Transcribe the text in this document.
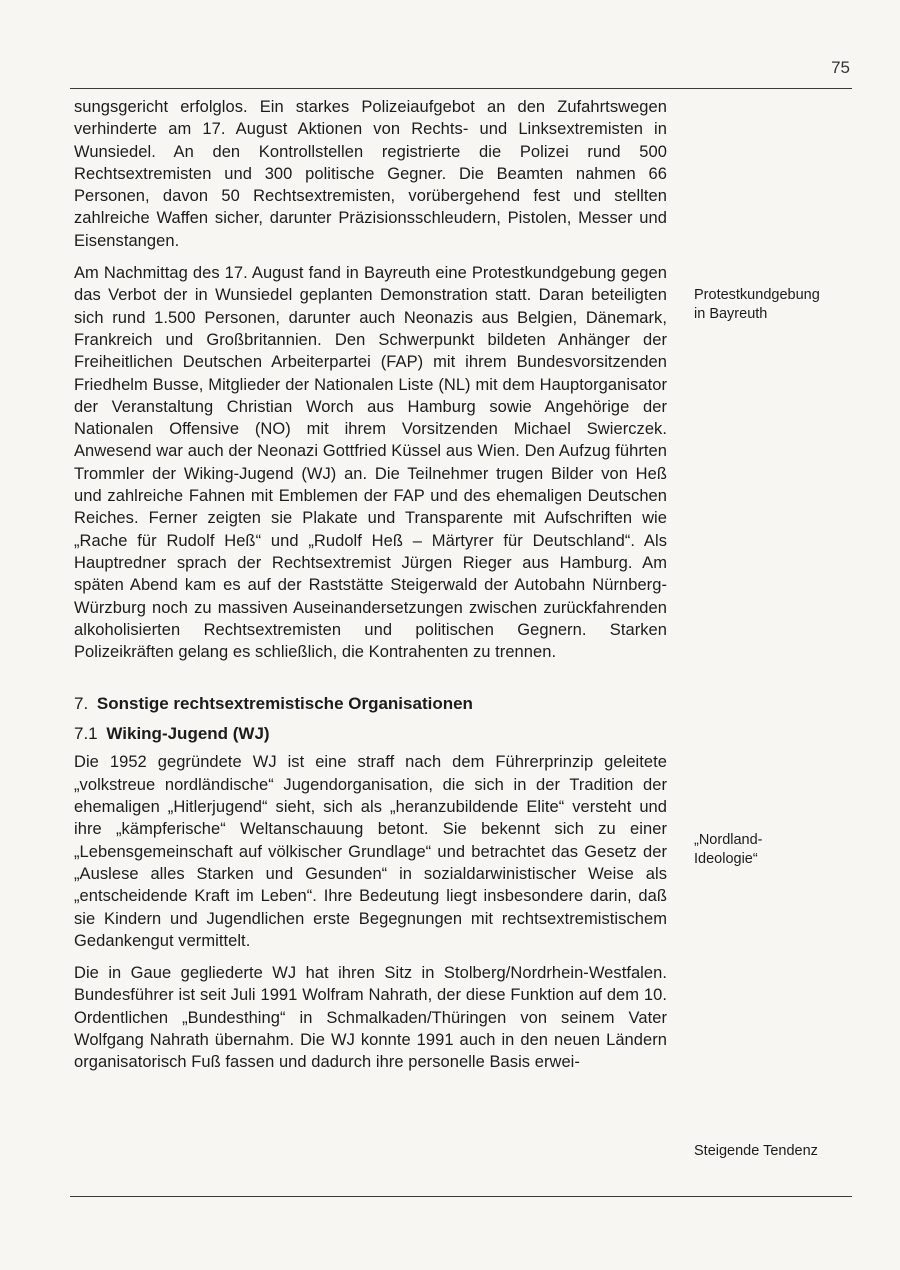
75

sungsgericht erfolglos. Ein starkes Polizeiaufgebot an den Zufahrtswegen verhinderte am 17. August Aktionen von Rechts- und Linksextremisten in Wunsiedel. An den Kontrollstellen registrierte die Polizei rund 500 Rechtsextremisten und 300 politische Gegner. Die Beamten nahmen 66 Personen, davon 50 Rechtsextremisten, vorübergehend fest und stellten zahlreiche Waffen sicher, darunter Präzisionsschleudern, Pistolen, Messer und Eisenstangen.

Am Nachmittag des 17. August fand in Bayreuth eine Protestkundgebung gegen das Verbot der in Wunsiedel geplanten Demonstration statt. Daran beteiligten sich rund 1.500 Personen, darunter auch Neonazis aus Belgien, Dänemark, Frankreich und Großbritannien. Den Schwerpunkt bildeten Anhänger der Freiheitlichen Deutschen Arbeiterpartei (FAP) mit ihrem Bundesvorsitzenden Friedhelm Busse, Mitglieder der Nationalen Liste (NL) mit dem Hauptorganisator der Veranstaltung Christian Worch aus Hamburg sowie Angehörige der Nationalen Offensive (NO) mit ihrem Vorsitzenden Michael Swierczek. Anwesend war auch der Neonazi Gottfried Küssel aus Wien. Den Aufzug führten Trommler der Wiking-Jugend (WJ) an. Die Teilnehmer trugen Bilder von Heß und zahlreiche Fahnen mit Emblemen der FAP und des ehemaligen Deutschen Reiches. Ferner zeigten sie Plakate und Transparente mit Aufschriften wie „Rache für Rudolf Heß“ und „Rudolf Heß – Märtyrer für Deutschland“. Als Hauptredner sprach der Rechtsextremist Jürgen Rieger aus Hamburg. Am späten Abend kam es auf der Raststätte Steigerwald der Autobahn Nürnberg-Würzburg noch zu massiven Auseinandersetzungen zwischen zurückfahrenden alkoholisierten Rechtsextremisten und politischen Gegnern. Starken Polizeikräften gelang es schließlich, die Kontrahenten zu trennen.

7. Sonstige rechtsextremistische Organisationen
7.1 Wiking-Jugend (WJ)

Die 1952 gegründete WJ ist eine straff nach dem Führerprinzip geleitete „volkstreue nordländische“ Jugendorganisation, die sich in der Tradition der ehemaligen „Hitlerjugend“ sieht, sich als „heranzubildende Elite“ versteht und ihre „kämpferische“ Weltanschauung betont. Sie bekennt sich zu einer „Lebensgemeinschaft auf völkischer Grundlage“ und betrachtet das Gesetz der „Auslese alles Starken und Gesunden“ in sozialdarwinistischer Weise als „entscheidende Kraft im Leben“. Ihre Bedeutung liegt insbesondere darin, daß sie Kindern und Jugendlichen erste Begegnungen mit rechtsextremistischem Gedankengut vermittelt.

Die in Gaue gegliederte WJ hat ihren Sitz in Stolberg/Nordrhein-Westfalen. Bundesführer ist seit Juli 1991 Wolfram Nahrath, der diese Funktion auf dem 10. Ordentlichen „Bundesthing“ in Schmalkaden/Thüringen von seinem Vater Wolfgang Nahrath übernahm. Die WJ konnte 1991 auch in den neuen Ländern organisatorisch Fuß fassen und dadurch ihre personelle Basis erwei-

Protestkundgebung
in Bayreuth
„Nordland-
Ideologie“
Steigende Tendenz
